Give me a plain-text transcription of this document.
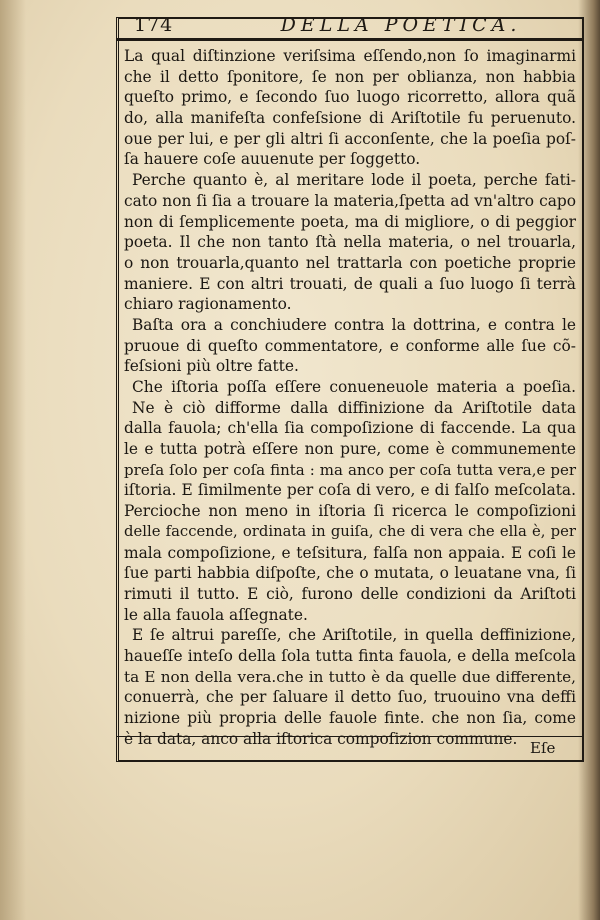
174	DELLA POETICA.
La qual diſtinzione veriſsima eſſendo,non ſo imaginarmi
che il detto ſponitore, ſe non per oblianza, non habbia
queſto primo, e ſecondo ſuo luogo ricorretto, allora quã
do, alla manifeſta confeſsione di Ariſtotile fu peruenuto.
oue per lui, e per gli altri ſi acconſente, che la poeſia poſ-
ſa hauere coſe auuenute per ſoggetto.
Perche quanto è, al meritare lode il poeta, perche fati-
cato non ſi ſia a trouare la materia,ſpetta ad vn'altro capo
non di ſemplicemente poeta, ma di migliore, o di peggior
poeta. Il che non tanto ſtà nella materia, o nel trouarla,
o non trouarla,quanto nel trattarla con poetiche proprie
maniere. E con altri trouati, de quali a ſuo luogo ſi terrà
chiaro ragionamento.
Baſta ora a conchiudere contra la dottrina, e contra le
pruoue di queſto commentatore, e conforme alle ſue cõ-
feſsioni più oltre fatte.
Che iſtoria poſſa eſſere conueneuole materia a poeſia.
Ne è ciò difforme dalla diffinizione da Ariſtotile data
dalla fauola; ch'ella ſia compoſizione di faccende. La qua
le e tutta potrà eſſere non pure, come è communemente
preſa ſolo per coſa finta : ma anco per coſa tutta vera,e per
iſtoria. E ſimilmente per coſa di vero, e di falſo meſcolata.
Percioche non meno in iſtoria ſi ricerca le compoſizioni
delle faccende, ordinata in guiſa, che di vera che ella è, per
mala compoſizione, e teſsitura, falſa non appaia. E coſi le
ſue parti habbia diſpoſte, che o mutata, o leuatane vna, ſi
rimuti il tutto. E ciò, furono delle condizioni da Ariſtoti
le alla fauola aſſegnate.
E ſe altrui pareſſe, che Ariſtotile, in quella deffinizione,
haueſſe inteſo della ſola tutta finta fauola, e della meſcola
ta E non della vera.che in tutto è da quelle due differente,
conuerrà, che per ſaluare il detto ſuo, truouino vna deffi
nizione più propria delle fauole finte. che non ſia, come
è la data, anco alla iſtorica compoſizion commune.
Eſe
